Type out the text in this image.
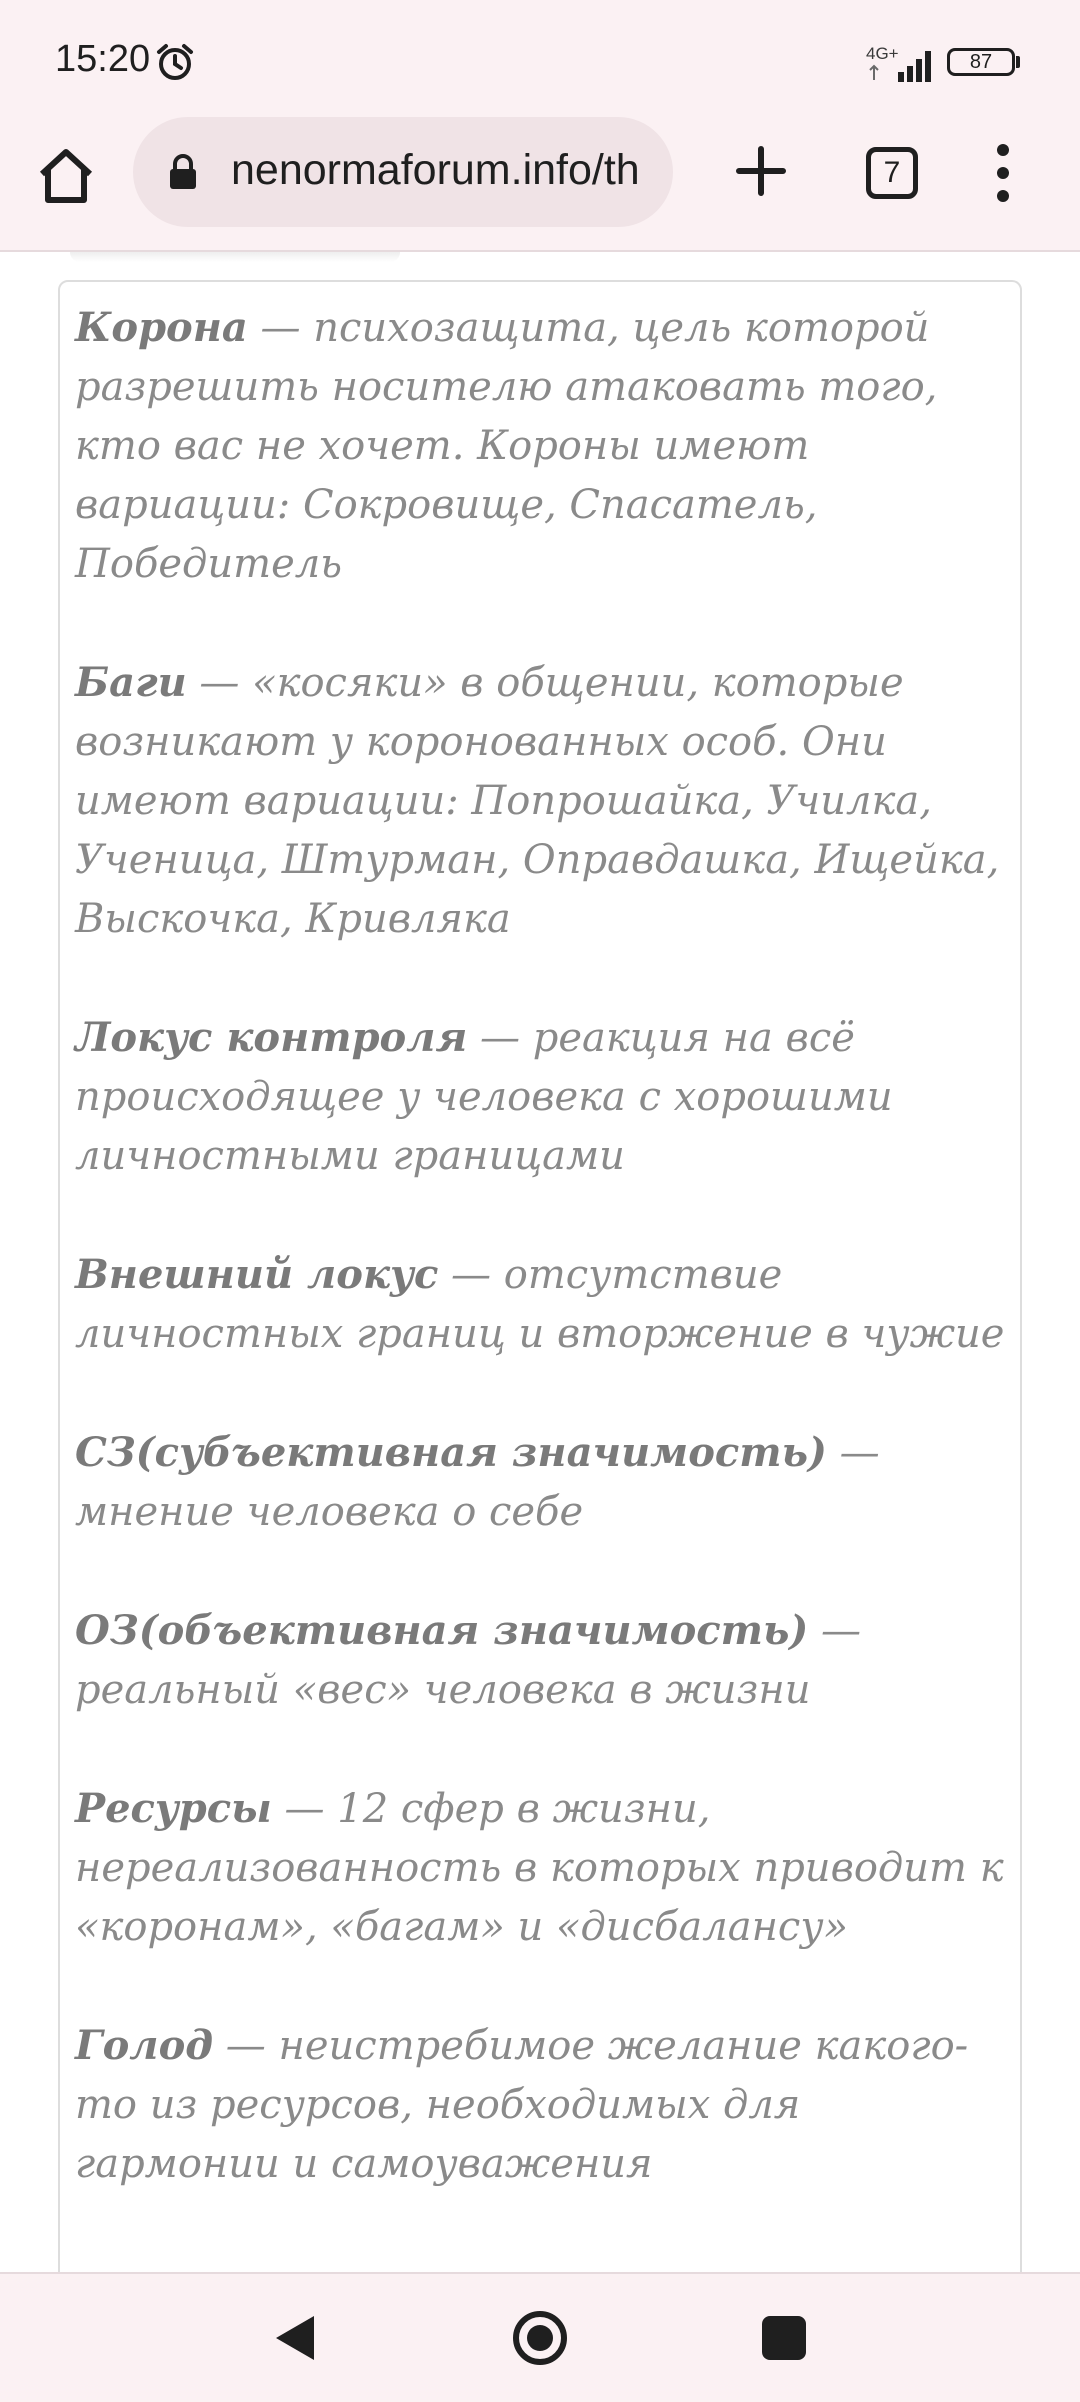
15:20	4G+	87
nenormaforum.info/th	7

Корона — психозащита, цель которой разрешить носителю атаковать того, кто вас не хочет. Короны имеют вариации: Сокровище, Спасатель, Победитель

Баги — «косяки» в общении, которые возникают у коронованных особ. Они имеют вариации: Попрошайка, Училка, Ученица, Штурман, Оправдашка, Ищейка, Выскочка, Кривляка

Локус контроля — реакция на всё происходящее у человека с хорошими личностными границами

Внешний локус — отсутствие личностных границ и вторжение в чужие

СЗ(субъективная значимость) — мнение человека о себе

ОЗ(объективная значимость) — реальный «вес» человека в жизни

Ресурсы — 12 сфер в жизни, нереализованность в которых приводит к «коронам», «багам» и «дисбалансу»

Голод — неистребимое желание какого-то из ресурсов, необходимых для гармонии и самоуважения
